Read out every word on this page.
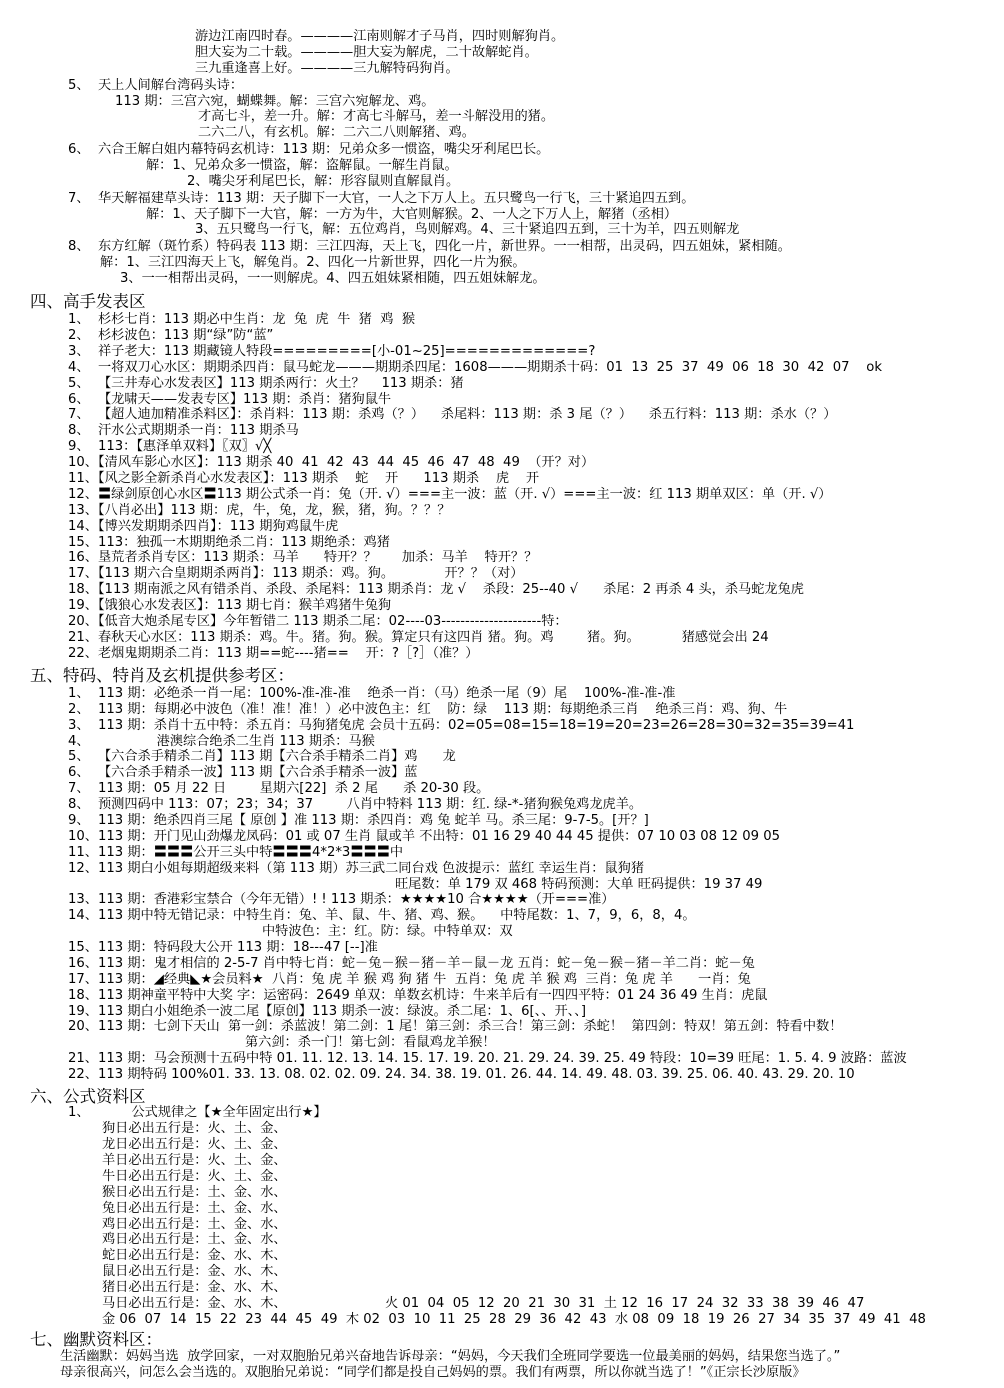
游边江南四时春。————江南则解才子马肖，四时则解狗肖。
胆大妄为二十载。————胆大妄为解虎，二十故解蛇肖。
三九重逢喜上好。————三九解特码狗肖。
5、  天上人间解台湾码头诗：
113 期：三宫六宛，蝴蝶舞。解：三宫六宛解龙、鸡。
才高七斗，差一升。解：才高七斗解马，差一斗解没用的猪。
二六二八，有玄机。解：二六二八则解猪、鸡。
6、  六合王解白姐内幕特码玄机诗：113 期：兄弟众多一惯盗，嘴尖牙利尾巴长。
解：1、兄弟众多一惯盗，解：盗解鼠。一解生肖鼠。
2、嘴尖牙利尾巴长，解：形容鼠则直解鼠肖。
7、  华天解福建草头诗：113 期：天子脚下一大官，一人之下万人上。五只鹭鸟一行飞，三十紧追四五到。
解：1、天子脚下一大官，解：一方为牛，大官则解猴。2、一人之下万人上，解猪（丞相）
3、五只鹭鸟一行飞，解：五位鸡肖，鸟则解鸡。4、三十紧追四五到，三十为羊，四五则解龙
8、  东方红解（斑竹系）特码表 113 期：三江四海，天上飞，四化一片，新世界。一一相帮，出灵码，四五姐妹，紧相随。
解：1、三江四海天上飞，解兔肖。2、四化一片新世界，四化一片为猴。
3、一一相帮出灵码，一一则解虎。4、四五姐妹紧相随，四五姐妹解龙。
四、高手发表区
1、  杉杉七肖：113 期必中生肖：龙  兔  虎  牛  猪  鸡  猴
2、  杉杉波色：113 期“绿”防“蓝”
3、  祥子老大：113 期藏镜人特段=========[小-01~25]=============?
4、  一将双刀心水区：期期杀四肖：鼠马蛇龙———期期杀四尾：1608———期期杀十码：01  13  25  37  49  06  18  30  42  07    ok
5、  【三井寿心水发表区】113 期杀两行：火土？    113 期杀：猪
6、  【龙啸天——发表专区】113 期：杀肖：猪狗鼠牛
7、  【超人迪加精准杀料区】：杀肖料：113 期：杀鸡（？）    杀尾料：113 期：杀 3 尾（？）    杀五行料：113 期：杀水（？）
8、  汗水公式期期杀一肖：113 期杀马
9、  113：【惠泽单双料】〖双〗√╳
10、【清风车影心水区】：113 期杀 40  41  42  43  44  45  46  47  48  49  （开？对）
11、【风之影全新杀肖心水发表区】：113 期杀    蛇    开      113 期杀    虎    开
12、〓绿剑原创心水区〓113 期公式杀一肖：兔（开. √）===主一波：蓝（开. √）===主一波：红 113 期单双区：单（开. √）
13、【八肖必出】113 期：虎，牛，兔，龙，猴，猪，狗。？？？
14、【博兴发期期杀四肖】：113 期狗鸡鼠牛虎
15、113：独孤一木期期绝杀二肖：113 期绝杀：鸡猪
16、垦荒者杀肖专区：113 期杀：马羊      特开？？      加杀：马羊    特开？？
17、【113 期六合皇期期杀两肖】：113 期杀：鸡。狗。            开？？（对）
18、【113 期南派之风有错杀肖、杀段、杀尾料：113 期杀肖：龙 √    杀段：25--40 √      杀尾：2 再杀 4 头，杀马蛇龙兔虎
19、【饿狼心水发表区】：113 期七肖：猴羊鸡猪牛兔狗
20、【低音大炮杀尾专区】今年暂错二 113 期杀二尾：02----03---------------------特：
21、春秋天心水区：113 期杀：鸡。牛。猪。狗。猴。算定只有这四肖 猪。狗。鸡        猪。狗。          猪感觉会出 24
22、老烟鬼期期杀二肖：113 期==蛇----猪==    开：?［?］（准？）
五、特码、特肖及玄机提供参考区：
1、  113 期：必绝杀一肖一尾：100%-准-准-准    绝杀一肖：（马）绝杀一尾（9）尾    100%-准-准-准
2、  113 期：每期必中波色（准！准！准！）必中波色主：红    防：绿    113 期：每期绝杀三肖    绝杀三肖：鸡、狗、牛
3、  113 期：杀肖十五中特：杀五肖：马狗猪兔虎 会员十五码：02=05=08=15=18=19=20=23=26=28=30=32=35=39=41
4、                港澳综合绝杀二生肖 113 期杀：马猴
5、  【六合杀手精杀二肖】113 期【六合杀手精杀二肖】鸡      龙
6、  【六合杀手精杀一波】113 期【六合杀手精杀一波】蓝
7、  113 期：05 月 22 日        星期六[22]  杀 2 尾      杀 20-30 段。
8、  预测四码中 113：07；23；34；37        八肖中特料 113 期：红. 绿-*-猪狗猴兔鸡龙虎羊。
9、  113 期：绝杀四肖三尾【 原创 】准 113 期：杀四肖：鸡 兔 蛇羊 马。杀三尾：9-7-5。[开？]
10、113 期：开门见山劲爆龙凤码：01 或 07 生肖 鼠或羊 不出特：01 16 29 40 44 45 提供：07 10 03 08 12 09 05
11、113 期：〓〓〓公开三头中特〓〓〓4*2*3〓〓〓中
12、113 期白小姐每期超级来料（第 113 期）苏三武二同台戏 色波提示：蓝红 幸运生肖：鼠狗猪
旺尾数：单 179 双 468 特码预测：大单 旺码提供：19 37 49
13、113 期：香港彩宝禁合（今年无错）! ! 113 期杀：★★★★10 合★★★★（开===准）
14、113 期中特无错记录：中特生肖：兔、羊、鼠、牛、猪、鸡、猴。    中特尾数：1、7，9，6，8，4。
中特波色：主：红。防：绿。中特单双：双
15、113 期：特码段大公开 113 期：18---47 [--]准
16、113 期：鬼才相信的 2-5-7 肖中特七肖：蛇－兔－猴－猪－羊－鼠－龙 五肖：蛇－兔－猴－猪－羊二肖：蛇－兔
17、113 期：◢经典◣★会员料★  八肖：兔 虎 羊 猴 鸡 狗 猪 牛  五肖：兔 虎 羊 猴 鸡  三肖：兔 虎 羊      一肖：兔
18、113 期神童平特中大奖 字：运密码：2649 单双：单数玄机诗：牛来羊后有一四四平特：01 24 36 49 生肖：虎鼠
19、113 期白小姐绝杀一波二尾【原创】113 期杀一波：绿波。杀二尾：1、6[、、开、、]
20、113 期：七剑下天山  第一剑：杀蓝波！第二剑：1 尾！第三剑：杀三合！第三剑：杀蛇！  第四剑：特双！第五剑：特看中数！
第六剑：杀一门！第七剑：看鼠鸡龙羊猴！
21、113 期：马会预测十五码中特 01. 11. 12. 13. 14. 15. 17. 19. 20. 21. 29. 24. 39. 25. 49 特段：10=39 旺尾：1. 5. 4. 9 波路：蓝波
22、113 期特码 100%01. 33. 13. 08. 02. 02. 09. 24. 34. 38. 19. 01. 26. 44. 14. 49. 48. 03. 39. 25. 06. 40. 43. 29. 20. 10
六、公式资料区
1、          公式规律之【★全年固定出行★】
狗日必出五行是：火、土、金、
龙日必出五行是：火、土、金、
羊日必出五行是：火、土、金、
牛日必出五行是：火、土、金、
猴日必出五行是：土、金、水、
兔日必出五行是：土、金、水、
鸡日必出五行是：土、金、水、
鸡日必出五行是：土、金、水、
蛇日必出五行是：金、水、木、
鼠日必出五行是：金、水、木、
猪日必出五行是：金、水、木、
马日必出五行是：金、水、木、	火 01  04  05  12  20  21  30  31  土 12  16  17  24  32  33  38  39  46  47
金 06  07  14  15  22  23  44  45  49  木 02  03  10  11  25  28  29  36  42  43  水 08  09  18  19  26  27  34  35  37  49  41  48
七、幽默资料区：
生活幽默：妈妈当选  放学回家，一对双胞胎兄弟兴奋地告诉母亲：“妈妈，今天我们全班同学要选一位最美丽的妈妈，结果您当选了。”
母亲很高兴，问怎么会当选的。双胞胎兄弟说：“同学们都是投自己妈妈的票。我们有两票，所以你就当选了！”《正宗长沙原版》
